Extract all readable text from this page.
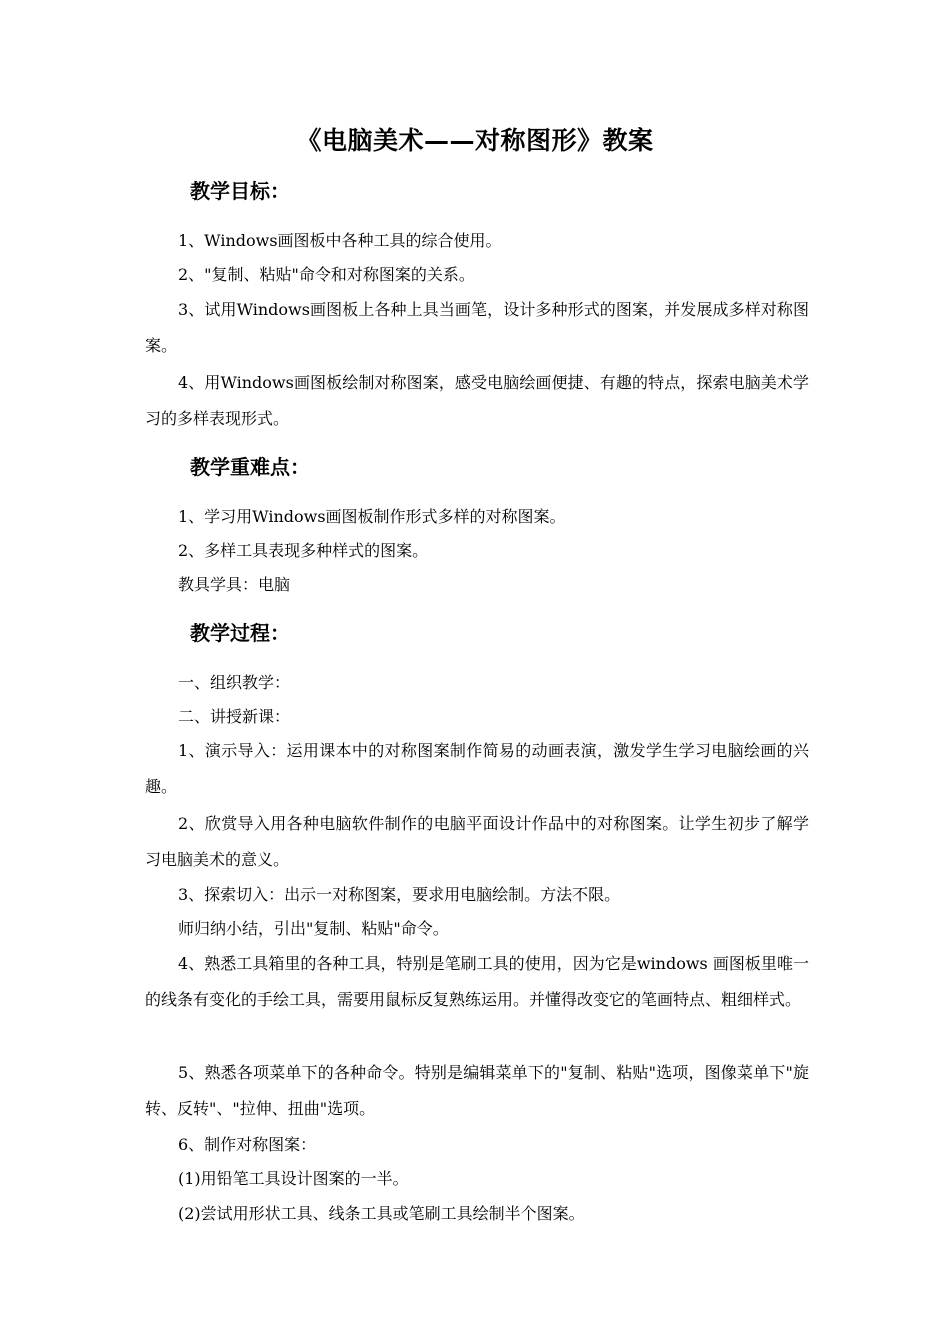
《电脑美术——对称图形》教案
教学目标：
1、Windows画图板中各种工具的综合使用。
2、"复制、粘贴"命令和对称图案的关系。
3、试用Windows画图板上各种上具当画笔，设计多种形式的图案，并发展成多样对称图案。
4、用Windows画图板绘制对称图案，感受电脑绘画便捷、有趣的特点，探索电脑美术学习的多样表现形式。
教学重难点：
1、学习用Windows画图板制作形式多样的对称图案。
2、多样工具表现多种样式的图案。
教具学具：电脑
教学过程：
一、组织教学：
二、讲授新课：
1、演示导入：运用课本中的对称图案制作简易的动画表演，激发学生学习电脑绘画的兴趣。
2、欣赏导入用各种电脑软件制作的电脑平面设计作品中的对称图案。让学生初步了解学习电脑美术的意义。
3、探索切入：出示一对称图案，要求用电脑绘制。方法不限。
师归纳小结，引出"复制、粘贴"命令。
4、熟悉工具箱里的各种工具，特别是笔刷工具的使用，因为它是windows 画图板里唯一的线条有变化的手绘工具，需要用鼠标反复熟练运用。并懂得改变它的笔画特点、粗细样式。
5、熟悉各项菜单下的各种命令。特别是编辑菜单下的"复制、粘贴"选项，图像菜单下"旋转、反转"、"拉伸、扭曲"选项。
6、制作对称图案：
(1)用铅笔工具设计图案的一半。
(2)尝试用形状工具、线条工具或笔刷工具绘制半个图案。
